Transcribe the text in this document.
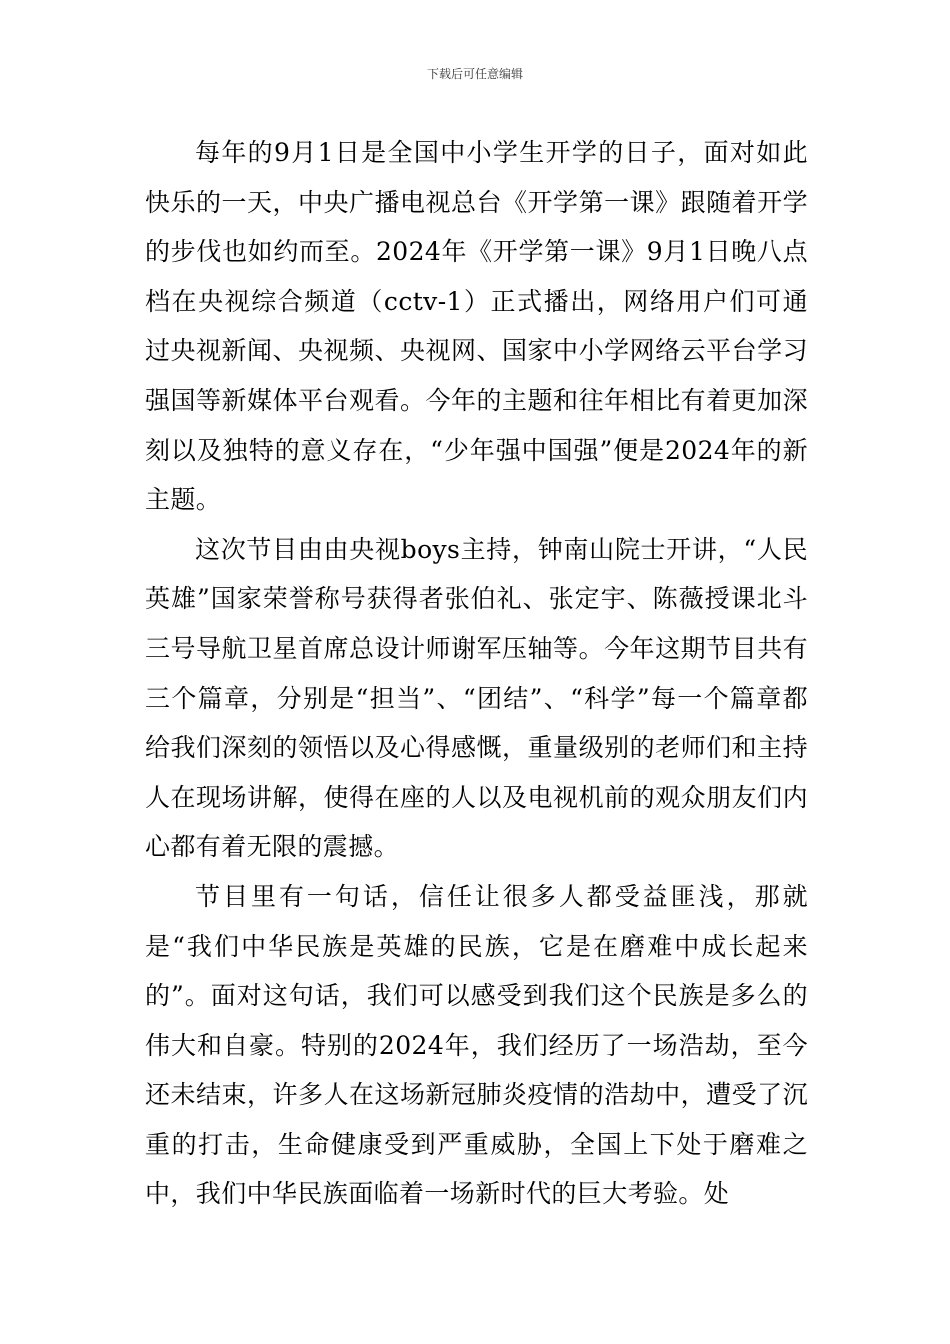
下载后可任意编辑

每年的9月1日是全国中小学生开学的日子，面对如此快乐的一天，中央广播电视总台《开学第一课》跟随着开学的步伐也如约而至。2024年《开学第一课》9月1日晚八点档在央视综合频道（cctv-1）正式播出，网络用户们可通过央视新闻、央视频、央视网、国家中小学网络云平台学习强国等新媒体平台观看。今年的主题和往年相比有着更加深刻以及独特的意义存在，“少年强中国强”便是2024年的新主题。

这次节目由由央视boys主持，钟南山院士开讲，“人民英雄”国家荣誉称号获得者张伯礼、张定宇、陈薇授课北斗三号导航卫星首席总设计师谢军压轴等。今年这期节目共有三个篇章，分别是“担当”、“团结”、“科学”每一个篇章都给我们深刻的领悟以及心得感慨，重量级别的老师们和主持人在现场讲解，使得在座的人以及电视机前的观众朋友们内心都有着无限的震撼。

节目里有一句话，信任让很多人都受益匪浅，那就是“我们中华民族是英雄的民族，它是在磨难中成长起来的”。面对这句话，我们可以感受到我们这个民族是多么的伟大和自豪。特别的2024年，我们经历了一场浩劫，至今还未结束，许多人在这场新冠肺炎疫情的浩劫中，遭受了沉重的打击，生命健康受到严重威胁，全国上下处于磨难之中，我们中华民族面临着一场新时代的巨大考验。处
